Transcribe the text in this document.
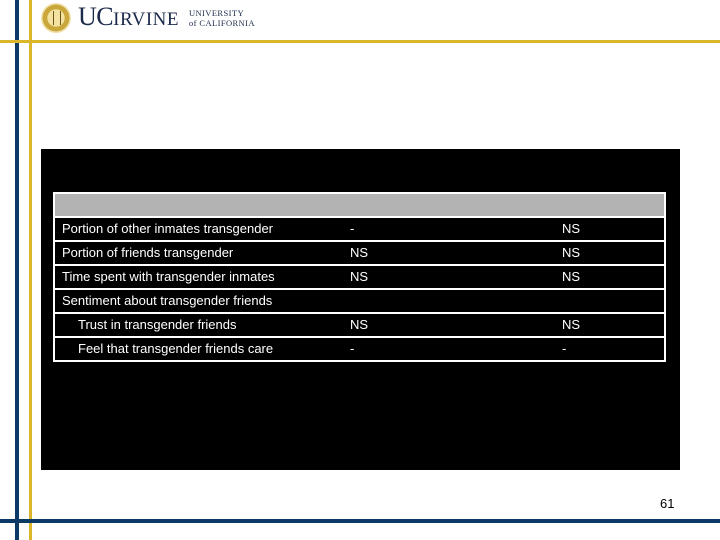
UCIRVINE UNIVERSITY
of CALIFORNIA
Portion of other inmates transgender	-	NS
Portion of friends transgender	NS	NS
Time spent with transgender inmates	NS	NS
Sentiment about transgender friends
Trust in transgender friends	NS	NS
Feel that transgender friends care	-	-
61
